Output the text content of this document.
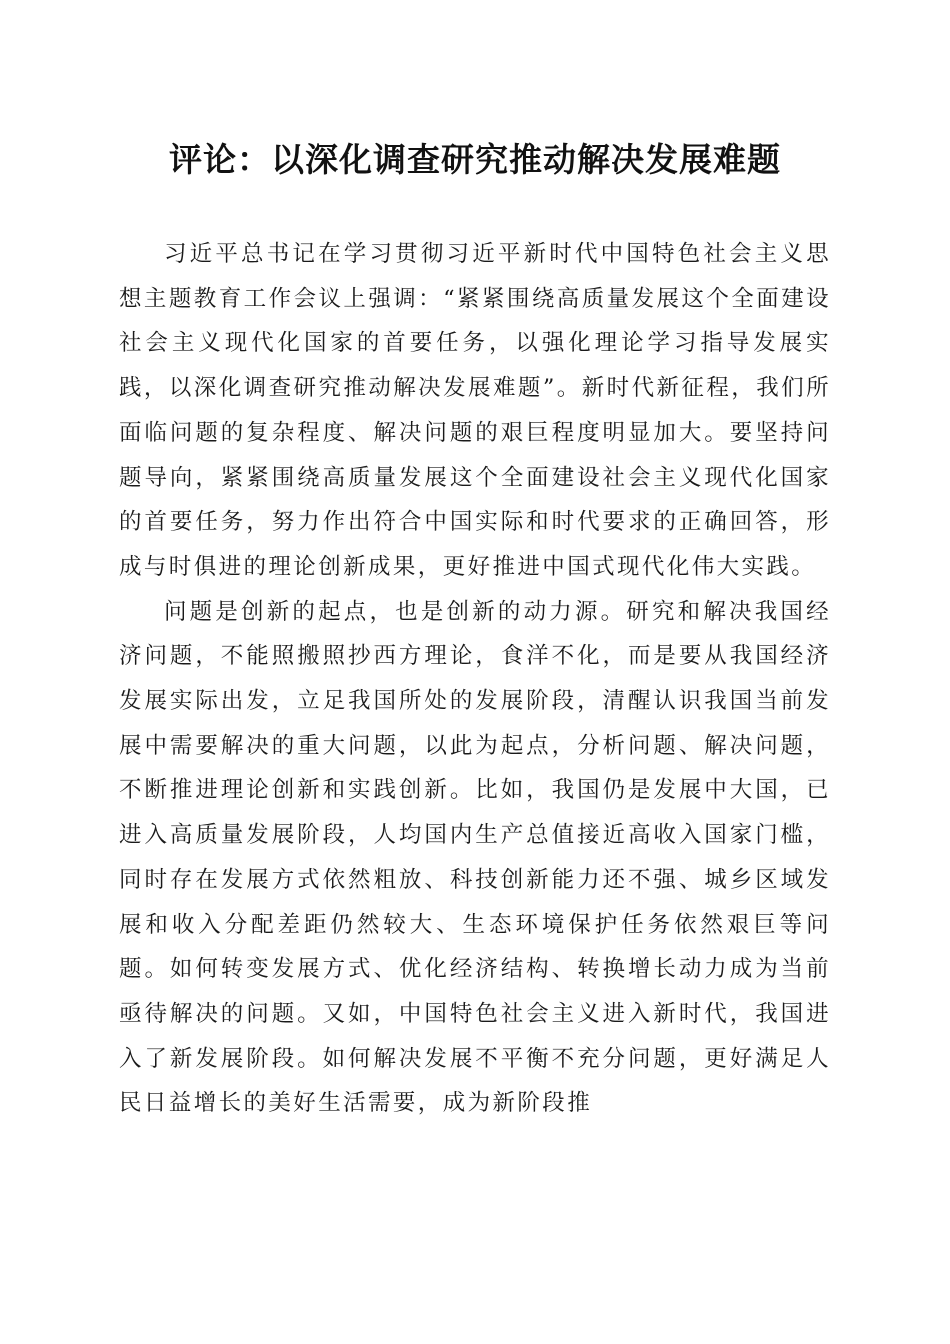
评论：以深化调查研究推动解决发展难题

习近平总书记在学习贯彻习近平新时代中国特色社会主义思想主题教育工作会议上强调：“紧紧围绕高质量发展这个全面建设社会主义现代化国家的首要任务，以强化理论学习指导发展实践，以深化调查研究推动解决发展难题”。新时代新征程，我们所面临问题的复杂程度、解决问题的艰巨程度明显加大。要坚持问题导向，紧紧围绕高质量发展这个全面建设社会主义现代化国家的首要任务，努力作出符合中国实际和时代要求的正确回答，形成与时俱进的理论创新成果，更好推进中国式现代化伟大实践。

问题是创新的起点，也是创新的动力源。研究和解决我国经济问题，不能照搬照抄西方理论，食洋不化，而是要从我国经济发展实际出发，立足我国所处的发展阶段，清醒认识我国当前发展中需要解决的重大问题，以此为起点，分析问题、解决问题，不断推进理论创新和实践创新。比如，我国仍是发展中大国，已进入高质量发展阶段，人均国内生产总值接近高收入国家门槛，同时存在发展方式依然粗放、科技创新能力还不强、城乡区域发展和收入分配差距仍然较大、生态环境保护任务依然艰巨等问题。如何转变发展方式、优化经济结构、转换增长动力成为当前亟待解决的问题。又如，中国特色社会主义进入新时代，我国进入了新发展阶段。如何解决发展不平衡不充分问题，更好满足人民日益增长的美好生活需要，成为新阶段推
